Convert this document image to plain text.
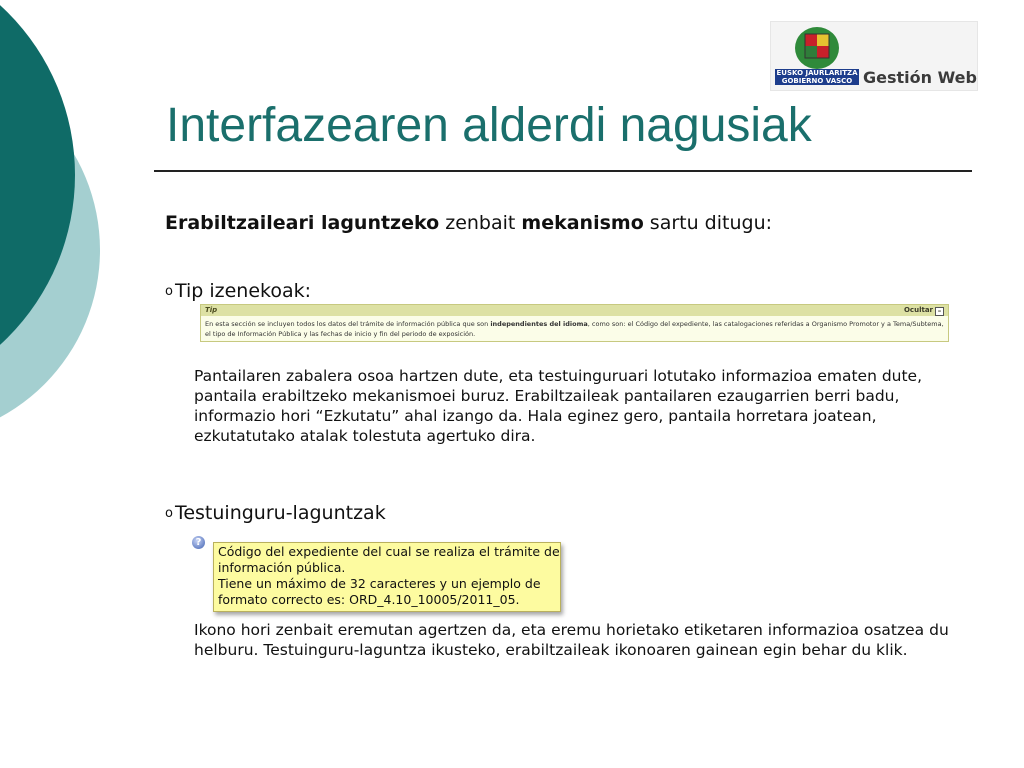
EUSKO JAURLARITZA
GOBIERNO VASCO Gestión Web
Interfazearen alderdi nagusiak
Erabiltzaileari laguntzeko zenbait mekanismo sartu ditugu:
o Tip izenekoak:
Tip	Ocultar –
En esta sección se incluyen todos los datos del trámite de información pública que son independientes del idioma, como son: el Código del expediente, las catalogaciones referidas a Organismo Promotor y a Tema/Subtema, el tipo de Información Pública y las fechas de inicio y fin del periodo de exposición.
Pantailaren zabalera osoa hartzen dute, eta testuinguruari lotutako informazioa ematen dute, pantaila erabiltzeko mekanismoei buruz. Erabiltzaileak pantailaren ezaugarrien berri badu, informazio hori “Ezkutatu” ahal izango da. Hala eginez gero, pantaila horretara joatean, ezkutatutako atalak tolestuta agertuko dira.
o Testuinguru-laguntzak
?
Código del expediente del cual se realiza el trámite de
información pública.
Tiene un máximo de 32 caracteres y un ejemplo de
formato correcto es: ORD_4.10_10005/2011_05.
Ikono hori zenbait eremutan agertzen da, eta eremu horietako etiketaren informazioa osatzea du helburu. Testuinguru-laguntza ikusteko, erabiltzaileak ikonoaren gainean egin behar du klik.
